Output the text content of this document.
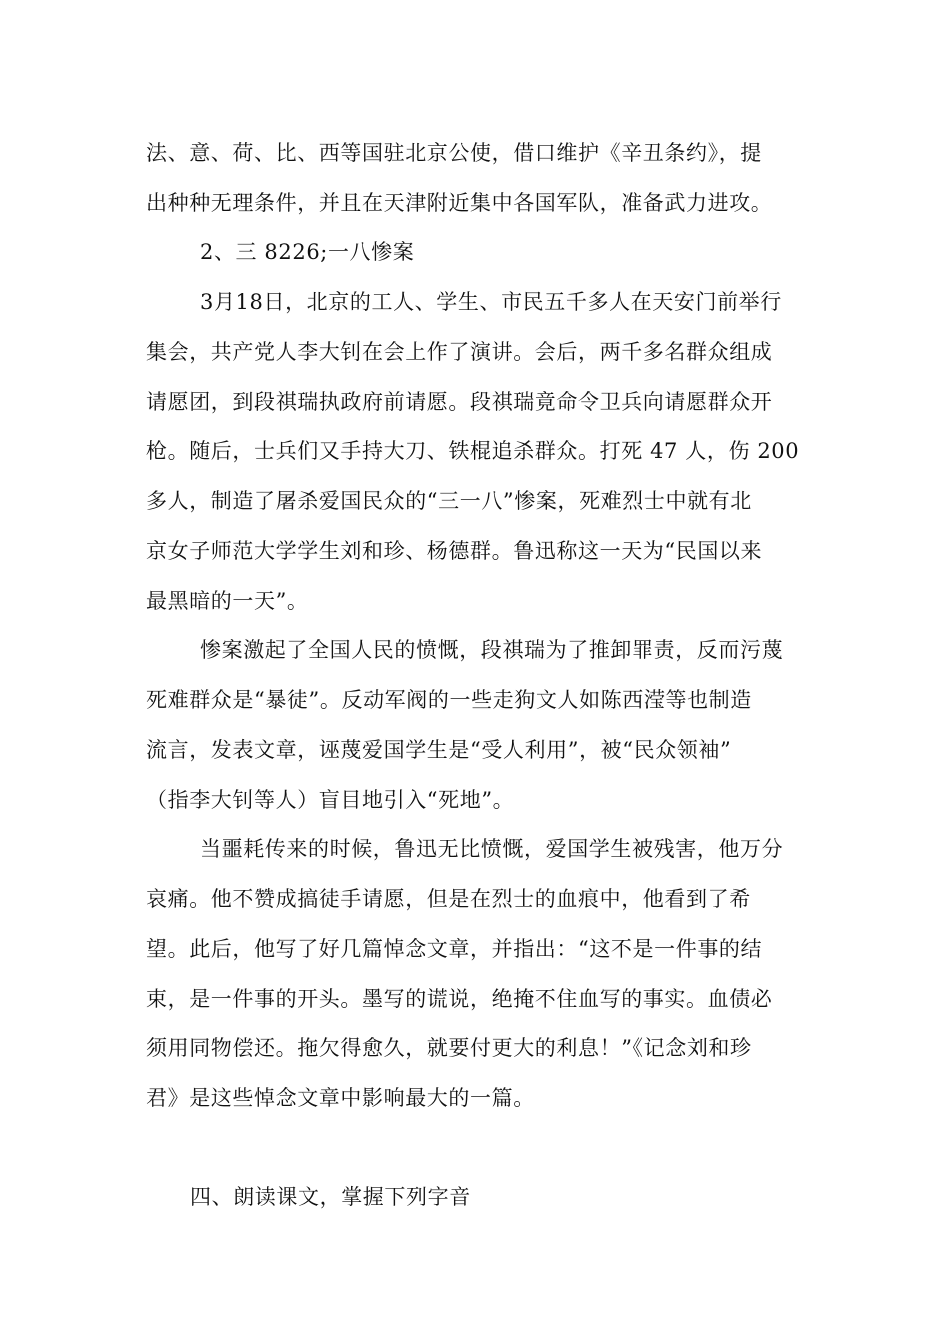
法、意、荷、比、西等国驻北京公使，借口维护《辛丑条约》，提
出种种无理条件，并且在天津附近集中各国军队，准备武力进攻。
2、三 8226;一八惨案
3月18日，北京的工人、学生、市民五千多人在天安门前举行
集会，共产党人李大钊在会上作了演讲。会后，两千多名群众组成
请愿团，到段祺瑞执政府前请愿。段祺瑞竟命令卫兵向请愿群众开
枪。随后，士兵们又手持大刀、铁棍追杀群众。打死 47 人，伤 200
多人，制造了屠杀爱国民众的“三一八”惨案，死难烈士中就有北
京女子师范大学学生刘和珍、杨德群。鲁迅称这一天为“民国以来
最黑暗的一天”。
惨案激起了全国人民的愤慨，段祺瑞为了推卸罪责，反而污蔑
死难群众是“暴徒”。反动军阀的一些走狗文人如陈西滢等也制造
流言，发表文章，诬蔑爱国学生是“受人利用”，被“民众领袖”
（指李大钊等人）盲目地引入“死地”。
当噩耗传来的时候，鲁迅无比愤慨，爱国学生被残害，他万分
哀痛。他不赞成搞徒手请愿，但是在烈士的血痕中，他看到了希
望。此后，他写了好几篇悼念文章，并指出：“这不是一件事的结
束，是一件事的开头。墨写的谎说，绝掩不住血写的事实。血债必
须用同物偿还。拖欠得愈久，就要付更大的利息！”《记念刘和珍
君》是这些悼念文章中影响最大的一篇。
四、朗读课文，掌握下列字音
